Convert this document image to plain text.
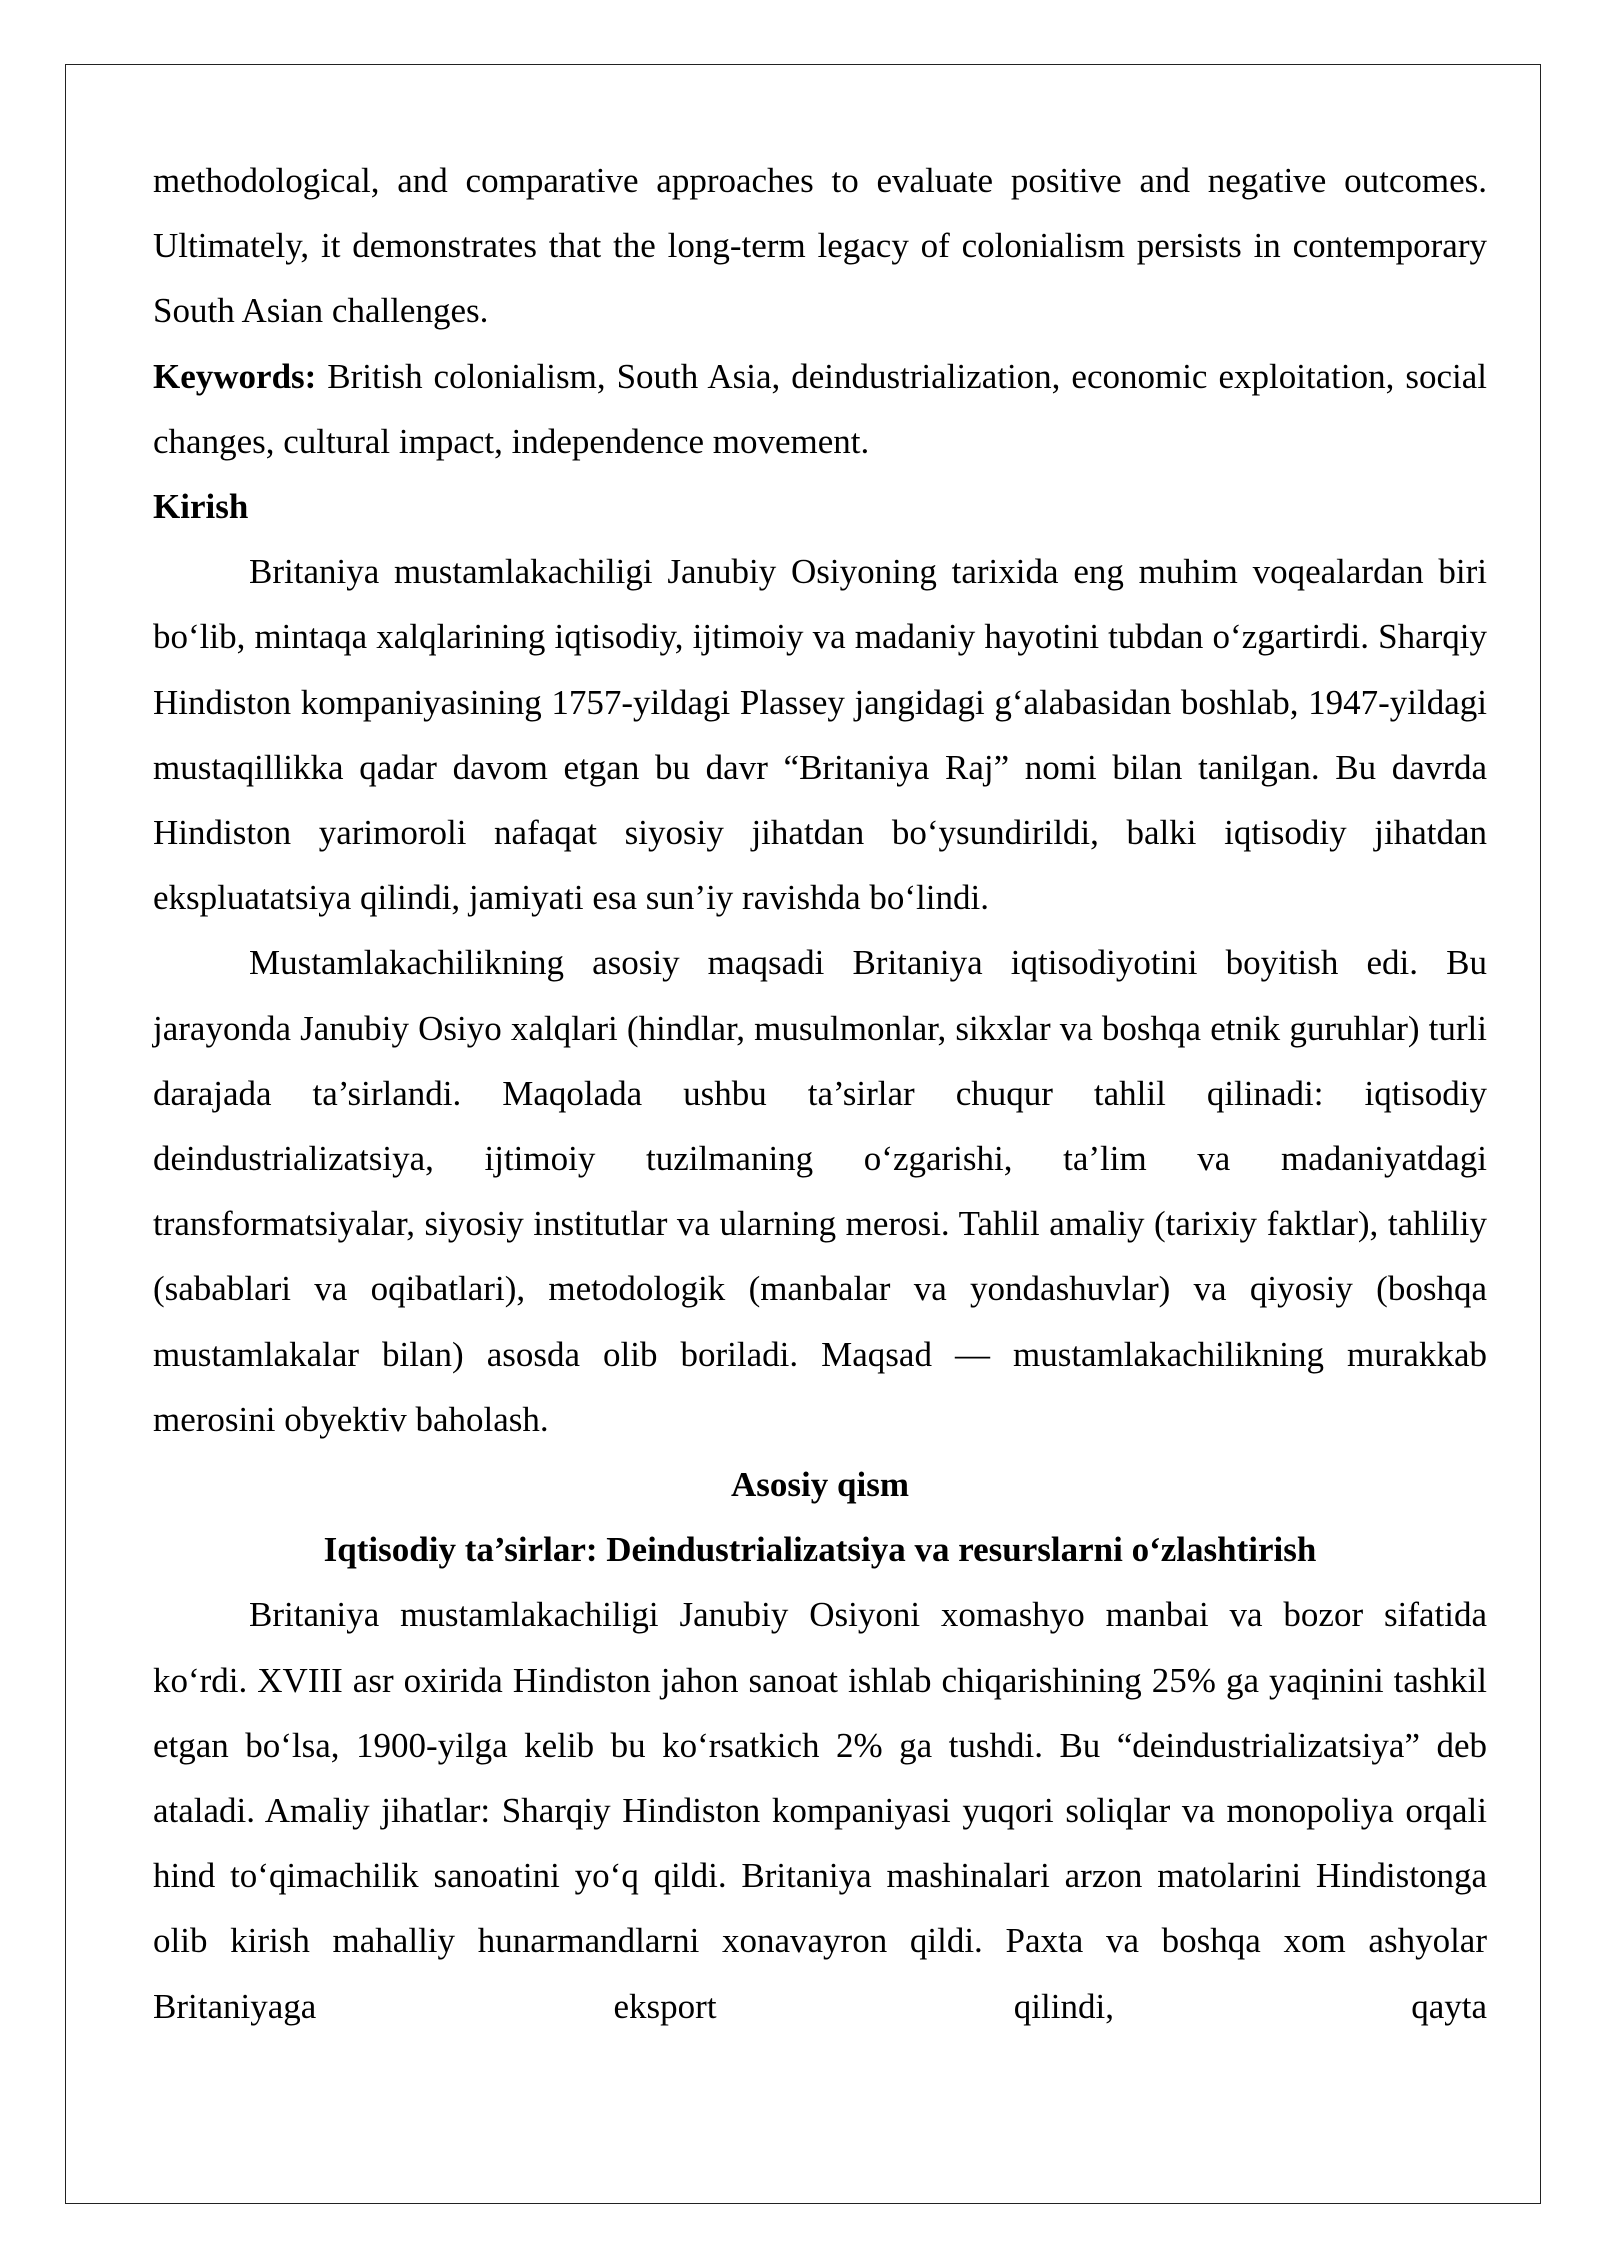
methodological, and comparative approaches to evaluate positive and negative outcomes. Ultimately, it demonstrates that the long-term legacy of colonialism persists in contemporary South Asian challenges.

Keywords: British colonialism, South Asia, deindustrialization, economic exploitation, social changes, cultural impact, independence movement.

Kirish

Britaniya mustamlakachiligi Janubiy Osiyoning tarixida eng muhim voqealardan biri bo‘lib, mintaqa xalqlarining iqtisodiy, ijtimoiy va madaniy hayotini tubdan o‘zgartirdi. Sharqiy Hindiston kompaniyasining 1757-yildagi Plassey jangidagi g‘alabasidan boshlab, 1947-yildagi mustaqillikka qadar davom etgan bu davr “Britaniya Raj” nomi bilan tanilgan. Bu davrda Hindiston yarimoroli nafaqat siyosiy jihatdan bo‘ysundirildi, balki iqtisodiy jihatdan ekspluatatsiya qilindi, jamiyati esa sun’iy ravishda bo‘lindi.

Mustamlakachilikning asosiy maqsadi Britaniya iqtisodiyotini boyitish edi. Bu jarayonda Janubiy Osiyo xalqlari (hindlar, musulmonlar, sikxlar va boshqa etnik guruhlar) turli darajada ta’sirlandi. Maqolada ushbu ta’sirlar chuqur tahlil qilinadi: iqtisodiy deindustrializatsiya, ijtimoiy tuzilmaning o‘zgarishi, ta’lim va madaniyatdagi transformatsiyalar, siyosiy institutlar va ularning merosi. Tahlil amaliy (tarixiy faktlar), tahliliy (sabablari va oqibatlari), metodologik (manbalar va yondashuvlar) va qiyosiy (boshqa mustamlakalar bilan) asosda olib boriladi. Maqsad — mustamlakachilikning murakkab merosini obyektiv baholash.

Asosiy qism

Iqtisodiy ta’sirlar: Deindustrializatsiya va resurslarni o‘zlashtirish

Britaniya mustamlakachiligi Janubiy Osiyoni xomashyo manbai va bozor sifatida ko‘rdi. XVIII asr oxirida Hindiston jahon sanoat ishlab chiqarishining 25% ga yaqinini tashkil etgan bo‘lsa, 1900-yilga kelib bu ko‘rsatkich 2% ga tushdi. Bu “deindustrializatsiya” deb ataladi. Amaliy jihatlar: Sharqiy Hindiston kompaniyasi yuqori soliqlar va monopoliya orqali hind to‘qimachilik sanoatini yo‘q qildi. Britaniya mashinalari arzon matolarini Hindistonga olib kirish mahalliy hunarmandlarni xonavayron qildi. Paxta va boshqa xom ashyolar Britaniyaga eksport qilindi, qayta
